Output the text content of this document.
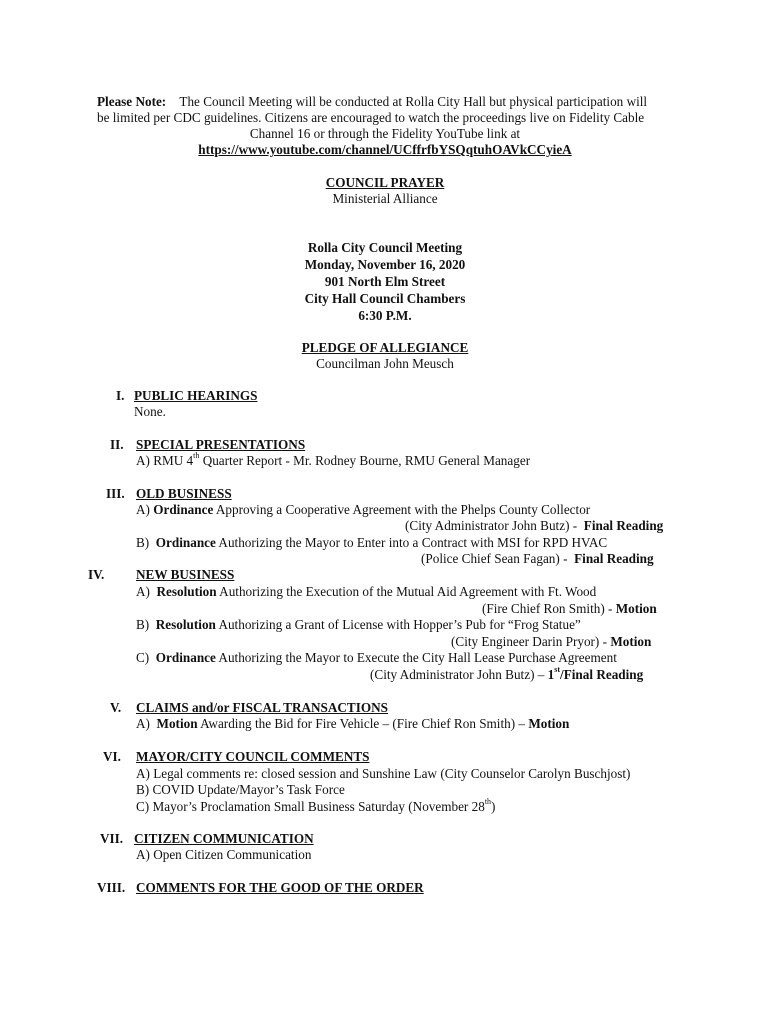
Please Note: The Council Meeting will be conducted at Rolla City Hall but physical participation will
be limited per CDC guidelines. Citizens are encouraged to watch the proceedings live on Fidelity Cable
Channel 16 or through the Fidelity YouTube link at
https://www.youtube.com/channel/UCffrfbYSQqtuhOAVkCCyieA
COUNCIL PRAYER
Ministerial Alliance
Rolla City Council Meeting
Monday, November 16, 2020
901 North Elm Street
City Hall Council Chambers
6:30 P.M.
PLEDGE OF ALLEGIANCE
Councilman John Meusch
I. PUBLIC HEARINGS
None.
II. SPECIAL PRESENTATIONS
A) RMU 4th Quarter Report - Mr. Rodney Bourne, RMU General Manager
III. OLD BUSINESS
A) Ordinance Approving a Cooperative Agreement with the Phelps County Collector
(City Administrator John Butz) - Final Reading
B) Ordinance Authorizing the Mayor to Enter into a Contract with MSI for RPD HVAC
(Police Chief Sean Fagan) - Final Reading
IV. NEW BUSINESS
A) Resolution Authorizing the Execution of the Mutual Aid Agreement with Ft. Wood
(Fire Chief Ron Smith) - Motion
B) Resolution Authorizing a Grant of License with Hopper’s Pub for “Frog Statue”
(City Engineer Darin Pryor) - Motion
C) Ordinance Authorizing the Mayor to Execute the City Hall Lease Purchase Agreement
(City Administrator John Butz) – 1st/Final Reading
V. CLAIMS and/or FISCAL TRANSACTIONS
A) Motion Awarding the Bid for Fire Vehicle – (Fire Chief Ron Smith) – Motion
VI. MAYOR/CITY COUNCIL COMMENTS
A) Legal comments re: closed session and Sunshine Law (City Counselor Carolyn Buschjost)
B) COVID Update/Mayor’s Task Force
C) Mayor’s Proclamation Small Business Saturday (November 28th)
VII. CITIZEN COMMUNICATION
A) Open Citizen Communication
VIII. COMMENTS FOR THE GOOD OF THE ORDER
